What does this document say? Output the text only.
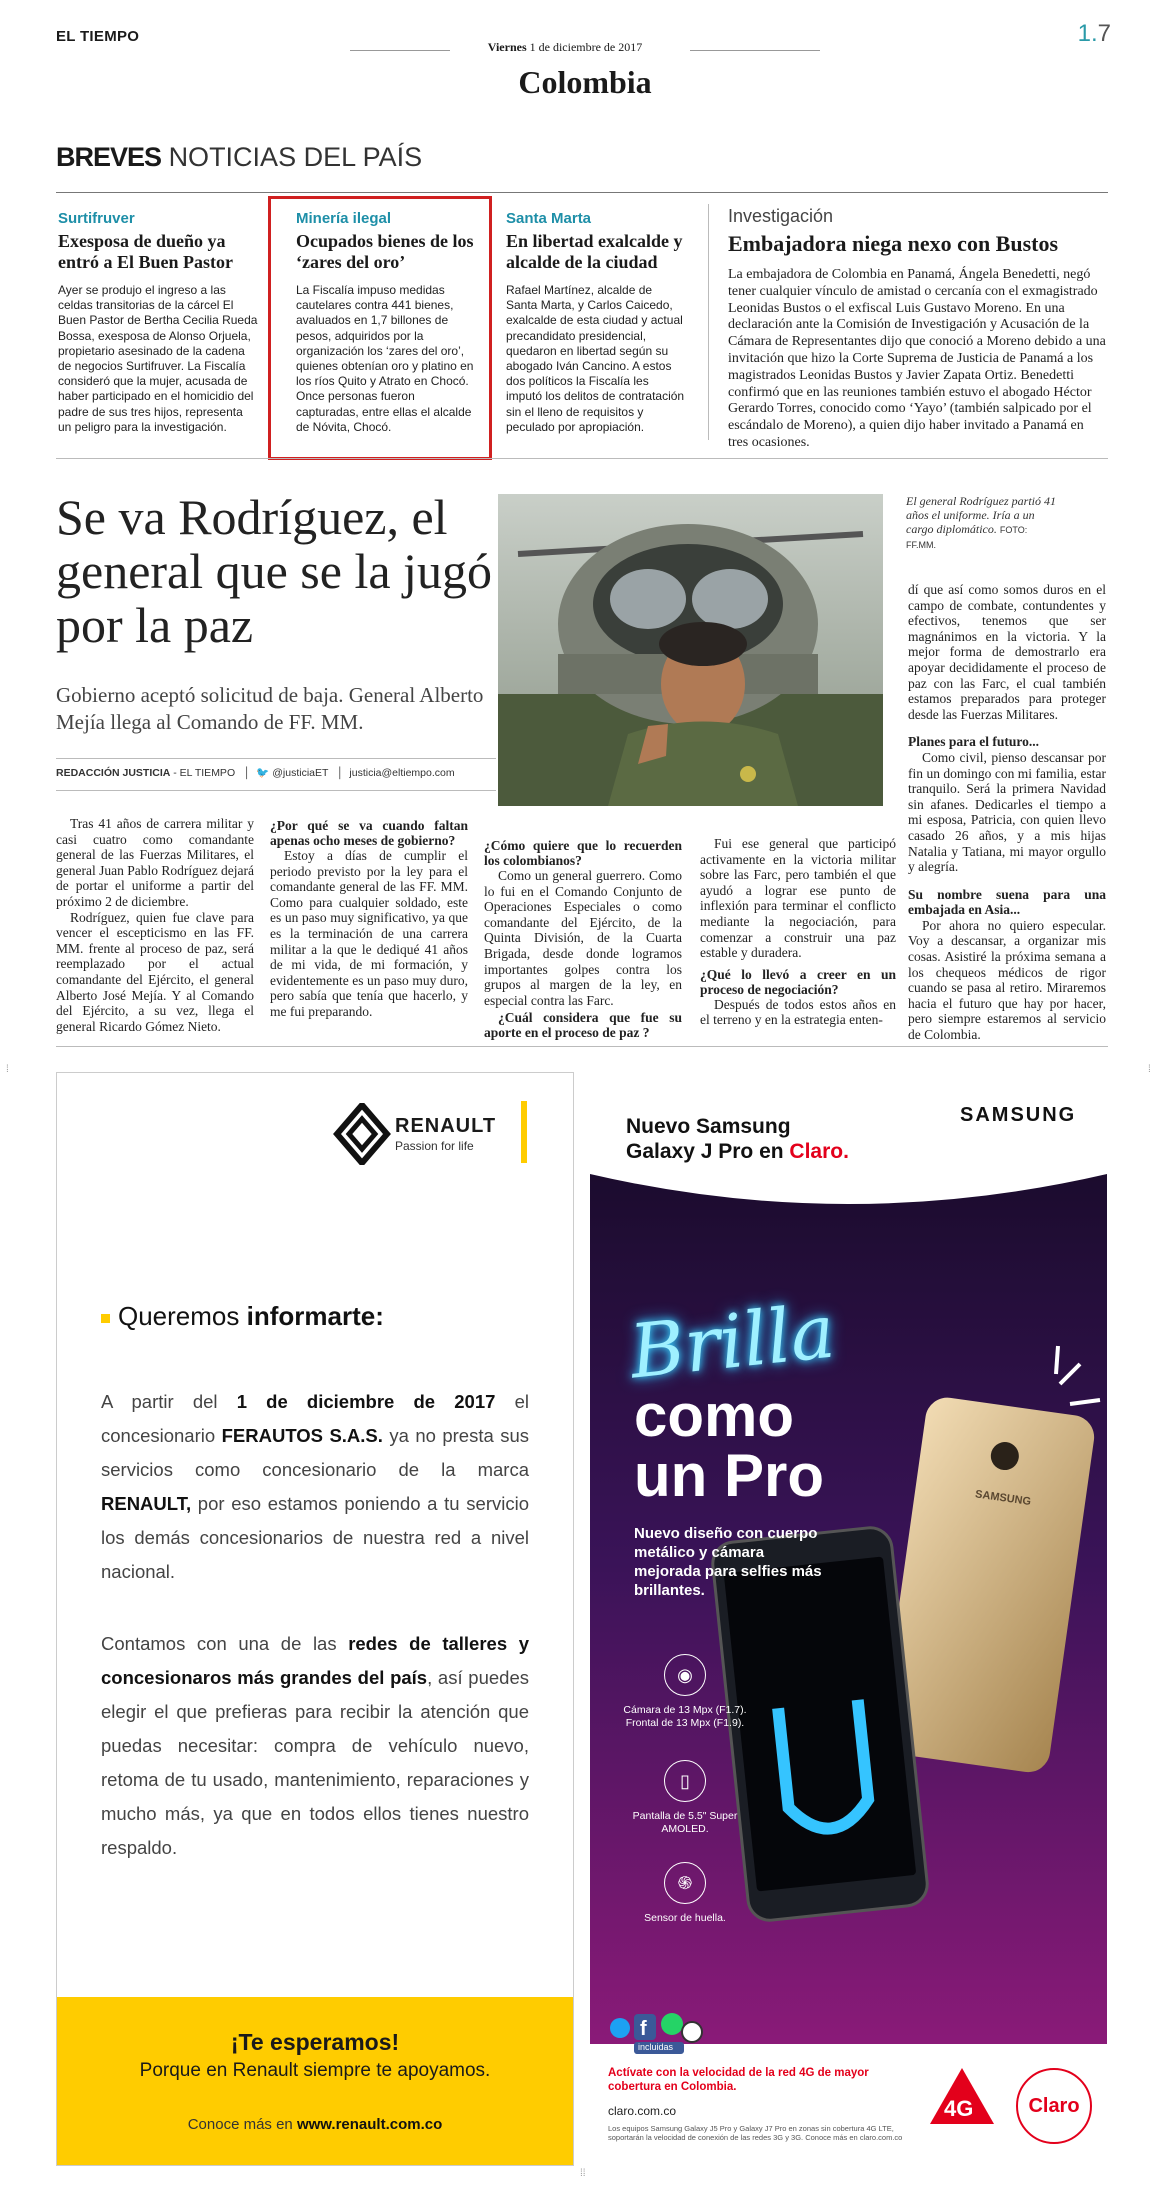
EL TIEMPO	1.7
Viernes 1 de diciembre de 2017
Colombia
BREVES NOTICIAS DEL PAÍS
Surtifruver
Exesposa de dueño ya entró a El Buen Pastor
Ayer se produjo el ingreso a las celdas transitorias de la cárcel El Buen Pastor de Bertha Cecilia Rueda Bossa, exesposa de Alonso Orjuela, propietario asesinado de la cadena de negocios Surtifruver. La Fiscalía consideró que la mujer, acusada de haber participado en el homicidio del padre de sus tres hijos, representa un peligro para la investigación.
Minería ilegal
Ocupados bienes de los ‘zares del oro’
La Fiscalía impuso medidas cautelares contra 441 bienes, avaluados en 1,7 billones de pesos, adquiridos por la organización los ‘zares del oro’, quienes obtenían oro y platino en los ríos Quito y Atrato en Chocó. Once personas fueron capturadas, entre ellas el alcalde de Nóvita, Chocó.
Santa Marta
En libertad exalcalde y alcalde de la ciudad
Rafael Martínez, alcalde de Santa Marta, y Carlos Caicedo, exalcalde de esta ciudad y actual precandidato presidencial, quedaron en libertad según su abogado Iván Cancino. A estos dos políticos la Fiscalía les imputó los delitos de contratación sin el lleno de requisitos y peculado por apropiación.
Investigación
Embajadora niega nexo con Bustos
La embajadora de Colombia en Panamá, Ángela Benedetti, negó tener cualquier vínculo de amistad o cercanía con el exmagistrado Leonidas Bustos o el exfiscal Luis Gustavo Moreno. En una declaración ante la Comisión de Investigación y Acusación de la Cámara de Representantes dijo que conoció a Moreno debido a una invitación que hizo la Corte Suprema de Justicia de Panamá a los magistrados Leonidas Bustos y Javier Zapata Ortiz. Benedetti confirmó que en las reuniones también estuvo el abogado Héctor Gerardo Torres, conocido como ‘Yayo’ (también salpicado por el escándalo de Moreno), a quien dijo haber invitado a Panamá en tres ocasiones.
Se va Rodríguez, el general que se la jugó por la paz
Gobierno aceptó solicitud de baja. General Alberto Mejía llega al Comando de FF. MM.
REDACCIÓN JUSTICIA - EL TIEMPO   │  🐦 @justiciaET   │  justicia@eltiempo.com
El general Rodríguez partió 41 años el uniforme. Iría a un cargo diplomático. FOTO: FF.MM.

Tras 41 años de carrera militar y casi cuatro como comandante general de las Fuerzas Militares, el general Juan Pablo Rodríguez dejará de portar el uniforme a partir del próximo 2 de diciembre.

Rodríguez, quien fue clave para vencer el escepticismo en las FF. MM. frente al proceso de paz, será reemplazado por el actual comandante del Ejército, el general Alberto José Mejía. Y al Comando del Ejército, a su vez, llega el general Ricardo Gómez Nieto.

¿Por qué se va cuando faltan apenas ocho meses de gobierno?

Estoy a días de cumplir el periodo previsto por la ley para el comandante general de las FF. MM. Como para cualquier soldado, este es un paso muy significativo, ya que es la terminación de una carrera militar a la que le dediqué 41 años de mi vida, de mi formación, y evidentemente es un paso muy duro, pero sabía que tenía que hacerlo, y me fui preparando.

¿Cómo quiere que lo recuerden los colombianos?

Como un general guerrero. Como lo fui en el Comando Conjunto de Operaciones Especiales o como comandante del Ejército, de la Quinta División, de la Cuarta Brigada, desde donde logramos importantes golpes contra los grupos al margen de la ley, en especial contra las Farc.

¿Cuál considera que fue su aporte en el proceso de paz ?

Fui ese general que participó activamente en la victoria militar sobre las Farc, pero también el que ayudó a lograr ese punto de inflexión para terminar el conflicto mediante la negociación, para comenzar a construir una paz estable y duradera.

¿Qué lo llevó a creer en un proceso de negociación?

Después de todos estos años en el terreno y en la estrategia enten-

dí que así como somos duros en el campo de combate, contundentes y efectivos, tenemos que ser magnánimos en la victoria. Y la mejor forma de demostrarlo era apoyar decididamente el proceso de paz con las Farc, el cual también estamos preparados para proteger desde las Fuerzas Militares.

Planes para el futuro...

Como civil, pienso descansar por fin un domingo con mi familia, estar tranquilo. Será la primera Navidad sin afanes. Dedicarles el tiempo a mi esposa, Patricia, con quien llevo casado 26 años, y a mis hijas Natalia y Tatiana, mi mayor orgullo y alegría.

Su nombre suena para una embajada en Asia...

Por ahora no quiero especular. Voy a descansar, a organizar mis cosas. Asistiré la próxima semana a los chequeos médicos de rigor cuando se pasa al retiro. Miraremos hacia el futuro que hay por hacer, pero siempre estaremos al servicio de Colombia.

RENAULT
Passion for life
Queremos informarte:
A partir del 1 de diciembre de 2017 el concesionario FERAUTOS S.A.S. ya no presta sus servicios como concesionario de la marca RENAULT, por eso estamos poniendo a tu servicio los demás concesionarios de nuestra red a nivel nacional.
Contamos con una de las redes de talleres y concesionaros más grandes del país, así puedes elegir el que prefieras para recibir la atención que puedas necesitar: compra de vehículo nuevo, retoma de tu usado, mantenimiento, reparaciones y mucho más, ya que en todos ellos tienes nuestro respaldo.
¡Te esperamos!
Porque en Renault siempre te apoyamos.
Conoce más en www.renault.com.co
SAMSUNG
Nuevo Samsung
Galaxy J Pro en Claro.
SAMSUNG
Brilla
como
un Pro
Nuevo diseño con cuerpo metálico y cámara mejorada para selfies más brillantes.
◉
Cámara de 13 Mpx (F1.7). Frontal de 13 Mpx (F1.9).
▯
Pantalla de 5.5" Super AMOLED.
֍
Sensor de huella.
f
incluidas
Actívate con la velocidad de la red 4G de mayor cobertura en Colombia.
claro.com.co
Los equipos Samsung Galaxy J5 Pro y Galaxy J7 Pro en zonas sin cobertura 4G LTE, soportarán la velocidad de conexión de las redes 3G y 3G. Conoce más en claro.com.co
4G	Claro
⁞	⁞
⁞⁞
